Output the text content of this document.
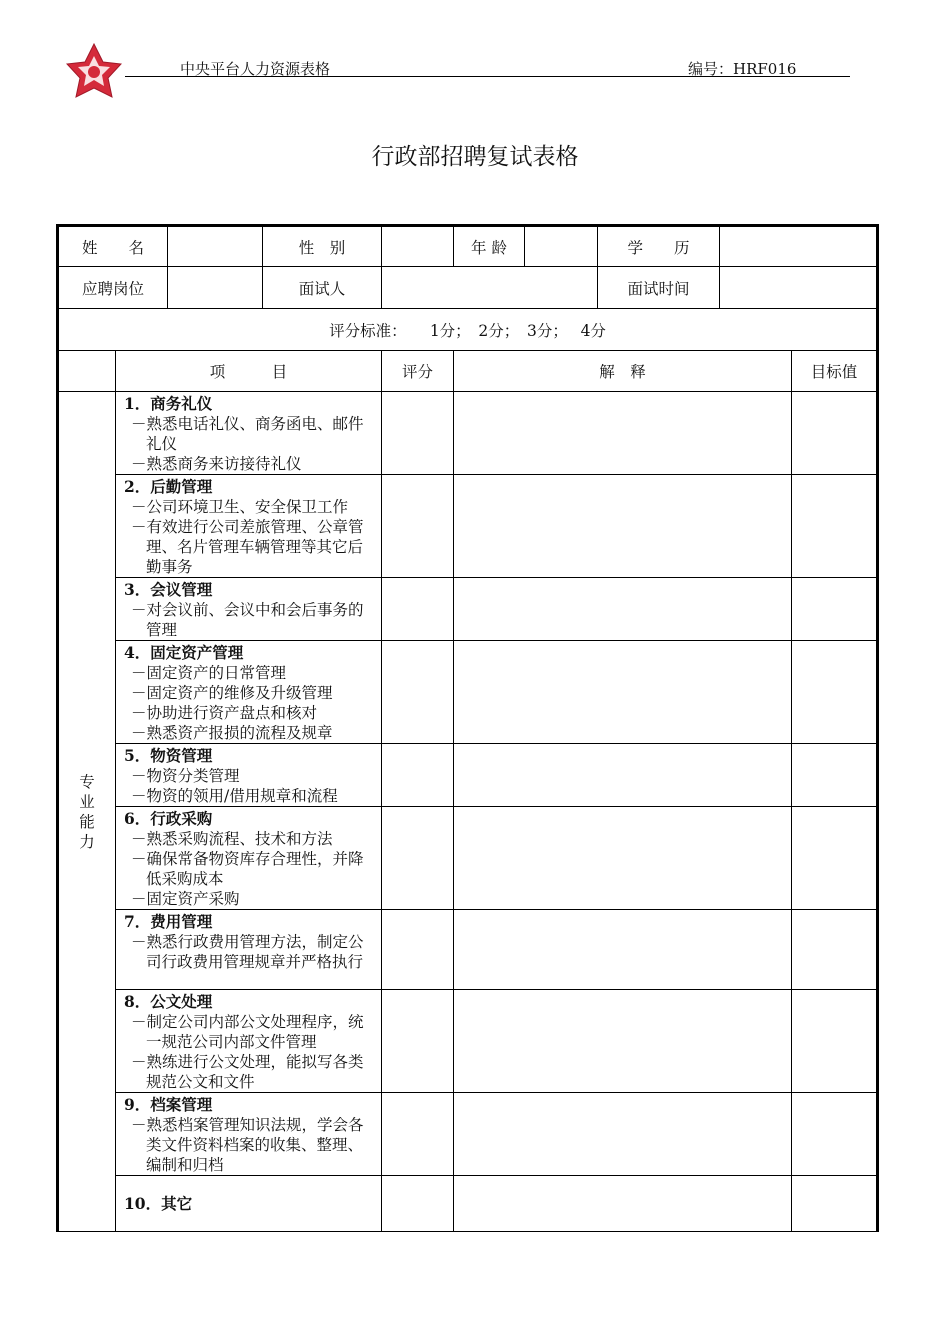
中央平台人力资源表格	编号：HRF016
行政部招聘复试表格
姓　　名			性　别		年 龄		学　　历		
应聘岗位			面试人				面试时间		
评分标准：　　1分；　2分；　3分；　 4分									
	项　　　目			评分	解　释				目标值

专业能力	1．商务礼仪
－熟悉电话礼仪、商务函电、邮件礼仪
－熟悉商务来访接待礼仪								

	2．后勤管理
－公司环境卫生、安全保卫工作
－有效进行公司差旅管理、公章管理、名片管理车辆管理等其它后勤事务								

	3．会议管理
－对会议前、会议中和会后事务的管理								

	4．固定资产管理
－固定资产的日常管理
－固定资产的维修及升级管理
－协助进行资产盘点和核对
－熟悉资产报损的流程及规章								

	5．物资管理
－物资分类管理
－物资的领用/借用规章和流程								

	6．行政采购
－熟悉采购流程、技术和方法
－确保常备物资库存合理性，并降低采购成本
－固定资产采购								

	7．费用管理
－熟悉行政费用管理方法，制定公司行政费用管理规章并严格执行								

	8．公文处理
－制定公司内部公文处理程序，统一规范公司内部文件管理
－熟练进行公文处理，能拟写各类规范公文和文件								

	9．档案管理
－熟悉档案管理知识法规，学会各类文件资料档案的收集、整理、编制和归档								

	10．其它								
